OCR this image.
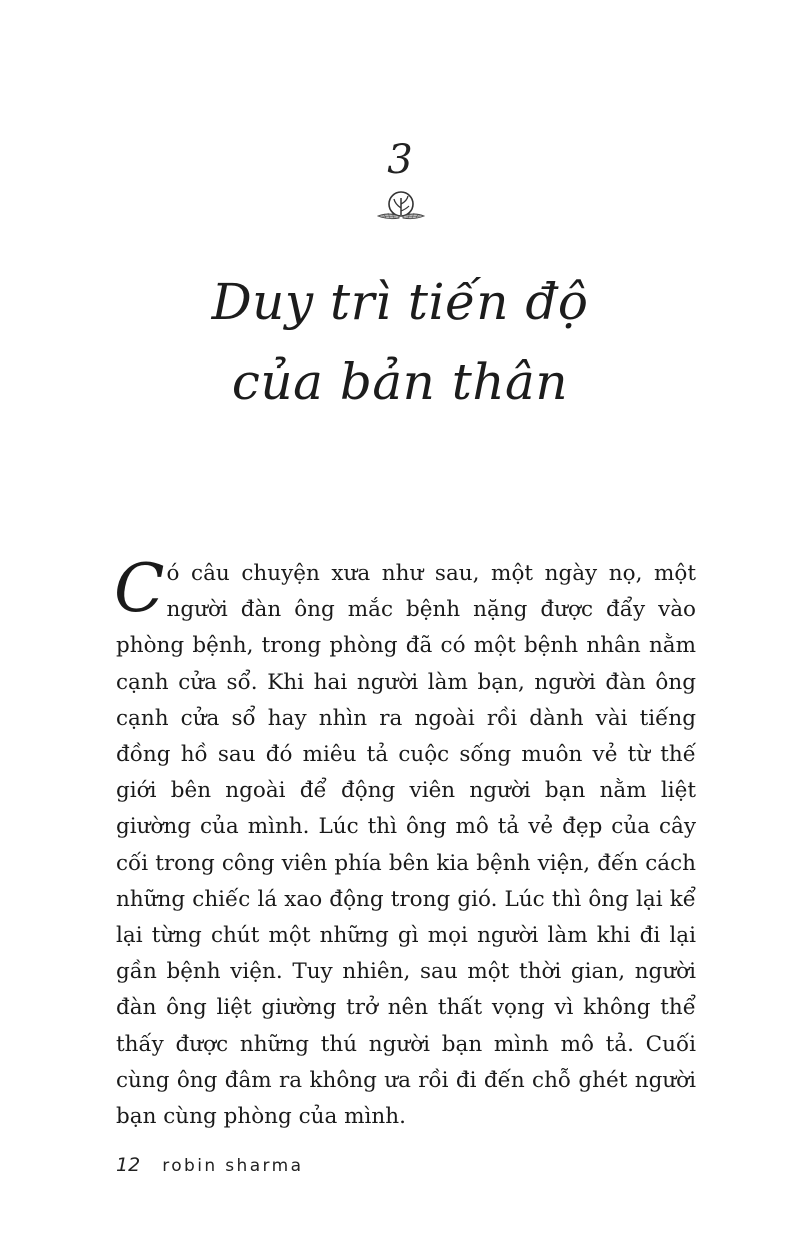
3
Duy trì tiến độ
của bản thân
Có câu chuyện xưa như sau, một ngày nọ, một người đàn ông mắc bệnh nặng được đẩy vào phòng bệnh, trong phòng đã có một bệnh nhân nằm cạnh cửa sổ. Khi hai người làm bạn, người đàn ông cạnh cửa sổ hay nhìn ra ngoài rồi dành vài tiếng đồng hồ sau đó miêu tả cuộc sống muôn vẻ từ thế giới bên ngoài để động viên người bạn nằm liệt giường của mình. Lúc thì ông mô tả vẻ đẹp của cây cối trong công viên phía bên kia bệnh viện, đến cách những chiếc lá xao động trong gió. Lúc thì ông lại kể lại từng chút một những gì mọi người làm khi đi lại gần bệnh viện. Tuy nhiên, sau một thời gian, người đàn ông liệt giường trở nên thất vọng vì không thể thấy được những thú người bạn mình mô tả. Cuối cùng ông đâm ra không ưa rồi đi đến chỗ ghét người bạn cùng phòng của mình.
12 robin sharma
